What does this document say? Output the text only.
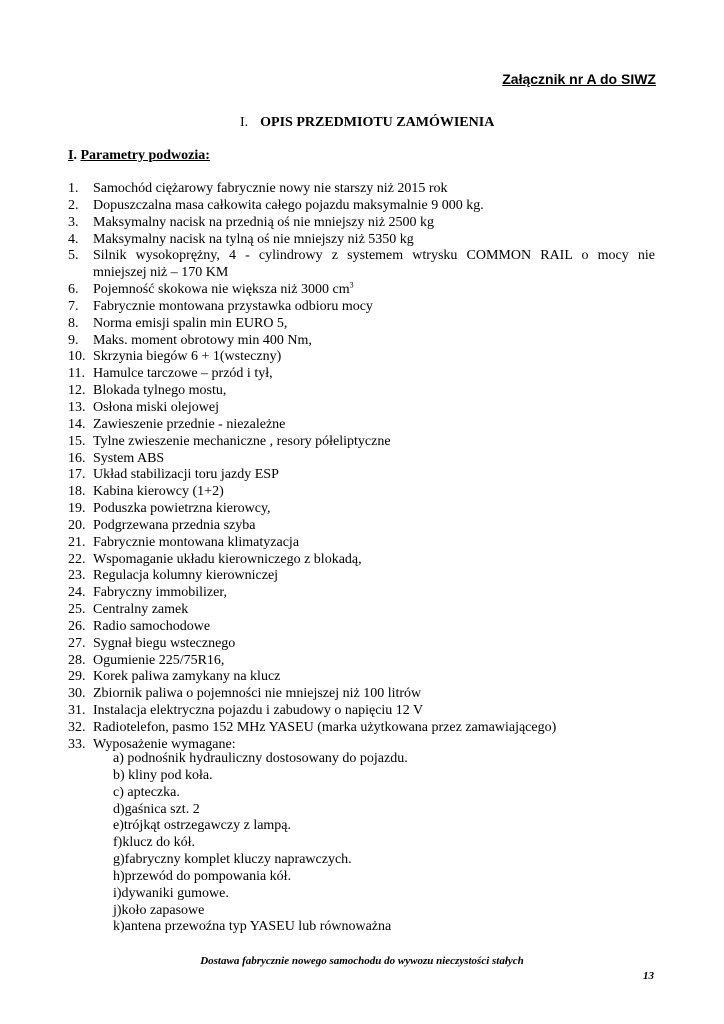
Załącznik nr A do SIWZ
I. OPIS PRZEDMIOTU ZAMÓWIENIA
I. Parametry podwozia:
1.	Samochód ciężarowy fabrycznie nowy nie starszy niż 2015 rok
2.	Dopuszczalna masa całkowita całego pojazdu maksymalnie 9 000 kg.
3.	Maksymalny nacisk na przednią oś nie mniejszy niż 2500 kg
4.	Maksymalny nacisk na tylną oś nie mniejszy niż 5350 kg
5.	Silnik wysokoprężny, 4 - cylindrowy z systemem wtrysku COMMON RAIL o mocy nie
mniejszej niż – 170 KM
6.	Pojemność skokowa nie większa niż 3000 $cm^3$
7.	Fabrycznie montowana przystawka odbioru mocy
8.	Norma emisji spalin min EURO 5,
9.	Maks. moment obrotowy min 400 Nm,
10. Skrzynia biegów 6 + 1(wsteczny)
11. Hamulce tarczowe – przód i tył,
12. Blokada tylnego mostu,
13. Osłona miski olejowej
14. Zawieszenie przednie - niezależne
15. Tylne zwieszenie mechaniczne , resory półeliptyczne
16. System ABS
17. Układ stabilizacji toru jazdy ESP
18. Kabina kierowcy (1+2)
19. Poduszka powietrzna kierowcy,
20. Podgrzewana przednia szyba
21. Fabrycznie montowana klimatyzacja
22. Wspomaganie układu kierowniczego z blokadą,
23. Regulacja kolumny kierowniczej
24. Fabryczny immobilizer,
25. Centralny zamek
26. Radio samochodowe
27. Sygnał biegu wstecznego
28. Ogumienie 225/75R16,
29. Korek paliwa zamykany na klucz
30. Zbiornik paliwa o pojemności nie mniejszej niż 100 litrów
31. Instalacja elektryczna pojazdu i zabudowy o napięciu 12 V
32. Radiotelefon, pasmo 152 MHz YASEU (marka użytkowana przez zamawiającego)
33. Wyposażenie wymagane:
a) podnośnik hydrauliczny dostosowany do pojazdu.
b) kliny pod koła.
c) apteczka.
d)gaśnica szt. 2
e)trójkąt ostrzegawczy z lampą.
f)klucz do kół.
g)fabryczny komplet kluczy naprawczych.
h)przewód do pompowania kół.
i)dywaniki gumowe.
j)koło zapasowe
k)antena przewoźna typ YASEU lub równoważna
Dostawa fabrycznie nowego samochodu do wywozu nieczystości stałych
13
